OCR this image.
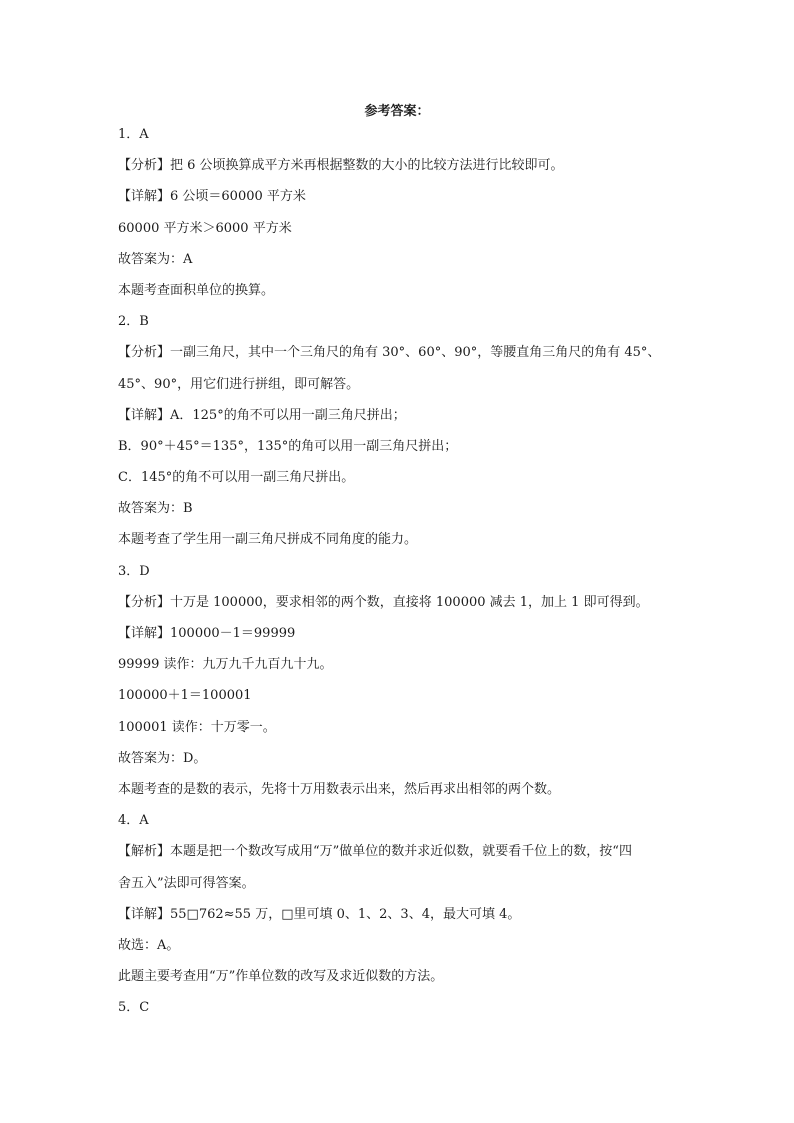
参考答案：
1．A
【分析】把 6 公顷换算成平方米再根据整数的大小的比较方法进行比较即可。
【详解】6 公顷＝60000 平方米
60000 平方米＞6000 平方米
故答案为：A
本题考查面积单位的换算。
2．B
【分析】一副三角尺，其中一个三角尺的角有 30°、60°、90°，等腰直角三角尺的角有 45°、
45°、90°，用它们进行拼组，即可解答。
【详解】A．125°的角不可以用一副三角尺拼出；
B．90°＋45°＝135°，135°的角可以用一副三角尺拼出；
C．145°的角不可以用一副三角尺拼出。
故答案为：B
本题考查了学生用一副三角尺拼成不同角度的能力。
3．D
【分析】十万是 100000，要求相邻的两个数，直接将 100000 减去 1，加上 1 即可得到。
【详解】100000－1＝99999
99999 读作：九万九千九百九十九。
100000＋1＝100001
100001 读作：十万零一。
故答案为：D。
本题考查的是数的表示，先将十万用数表示出来，然后再求出相邻的两个数。
4．A
【解析】本题是把一个数改写成用“万”做单位的数并求近似数，就要看千位上的数，按“四
舍五入”法即可得答案。
【详解】55□762≈55 万，□里可填 0、1、2、3、4，最大可填 4。
故选：A。
此题主要考查用“万”作单位数的改写及求近似数的方法。
5．C
